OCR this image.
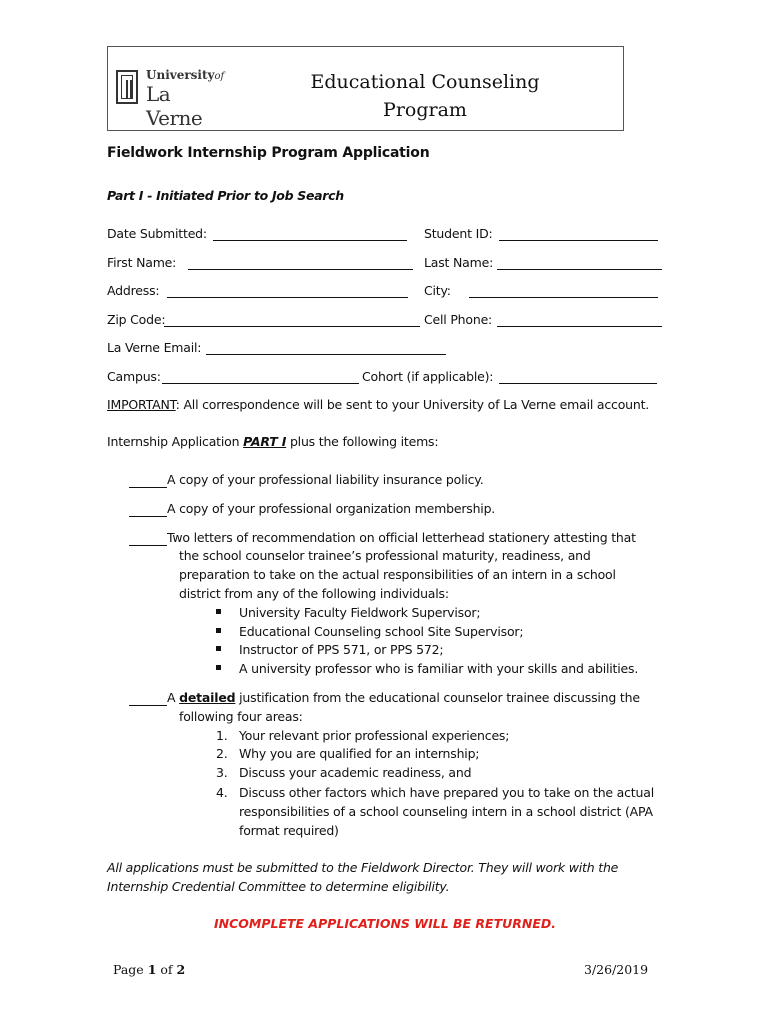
Universityof
La Verne
Educational Counseling
Program
Fieldwork Internship Program Application
Part I - Initiated Prior to Job Search
Date Submitted:	Student ID:
First Name:	Last Name:
Address:	City:
Zip Code:	Cell Phone:
La Verne Email:
Campus:	Cohort (if applicable):
IMPORTANT: All correspondence will be sent to your University of La Verne email account.
Internship Application PART I plus the following items:
A copy of your professional liability insurance policy.
A copy of your professional organization membership.
Two letters of recommendation on official letterhead stationery attesting that
the school counselor trainee’s professional maturity, readiness, and
preparation to take on the actual responsibilities of an intern in a school
district from any of the following individuals:
University Faculty Fieldwork Supervisor;
Educational Counseling school Site Supervisor;
Instructor of PPS 571, or PPS 572;
A university professor who is familiar with your skills and abilities.
A detailed justification from the educational counselor trainee discussing the
following four areas:
1. Your relevant prior professional experiences;
2. Why you are qualified for an internship;
3. Discuss your academic readiness, and
4. Discuss other factors which have prepared you to take on the actual
responsibilities of a school counseling intern in a school district (APA
format required)
All applications must be submitted to the Fieldwork Director. They will work with the
Internship Credential Committee to determine eligibility.
INCOMPLETE APPLICATIONS WILL BE RETURNED.
Page 1 of 2	3/26/2019
